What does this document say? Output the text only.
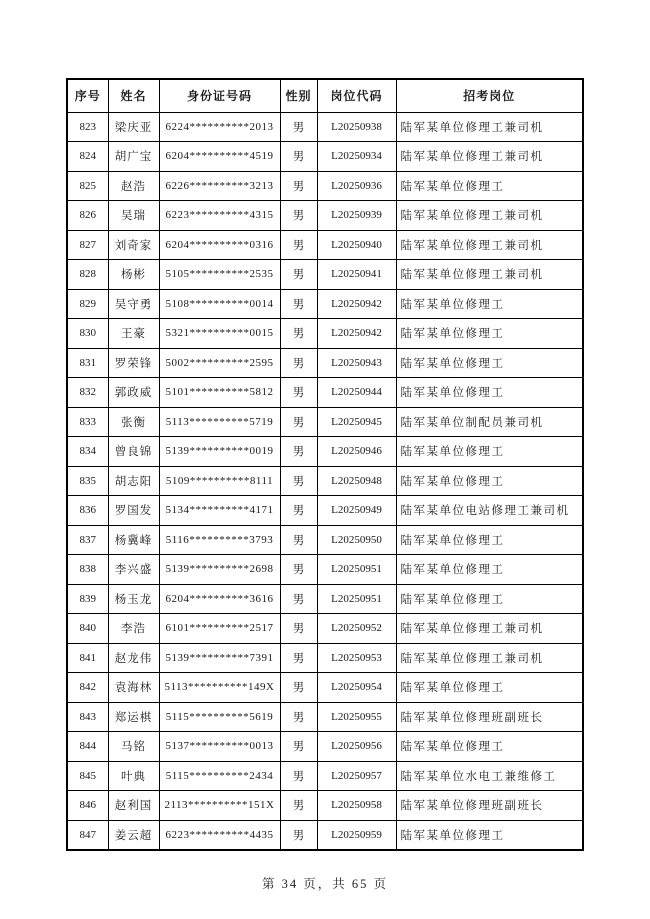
序号	姓名	身份证号码	性别	岗位代码	招考岗位
823	梁庆亚	6224**********2013	男	L20250938	陆军某单位修理工兼司机
824	胡广宝	6204**********4519	男	L20250934	陆军某单位修理工兼司机
825	赵浩	6226**********3213	男	L20250936	陆军某单位修理工
826	吴瑞	6223**********4315	男	L20250939	陆军某单位修理工兼司机
827	刘奇家	6204**********0316	男	L20250940	陆军某单位修理工兼司机
828	杨彬	5105**********2535	男	L20250941	陆军某单位修理工兼司机
829	吴守勇	5108**********0014	男	L20250942	陆军某单位修理工
830	王豪	5321**********0015	男	L20250942	陆军某单位修理工
831	罗荣锋	5002**********2595	男	L20250943	陆军某单位修理工
832	郭政威	5101**********5812	男	L20250944	陆军某单位修理工
833	张衡	5113**********5719	男	L20250945	陆军某单位制配员兼司机
834	曾良锦	5139**********0019	男	L20250946	陆军某单位修理工
835	胡志阳	5109**********8111	男	L20250948	陆军某单位修理工
836	罗国发	5134**********4171	男	L20250949	陆军某单位电站修理工兼司机
837	杨冀峰	5116**********3793	男	L20250950	陆军某单位修理工
838	李兴盛	5139**********2698	男	L20250951	陆军某单位修理工
839	杨玉龙	6204**********3616	男	L20250951	陆军某单位修理工
840	李浩	6101**********2517	男	L20250952	陆军某单位修理工兼司机
841	赵龙伟	5139**********7391	男	L20250953	陆军某单位修理工兼司机
842	袁海林	5113**********149X	男	L20250954	陆军某单位修理工
843	郑运棋	5115**********5619	男	L20250955	陆军某单位修理班副班长
844	马铭	5137**********0013	男	L20250956	陆军某单位修理工
845	叶典	5115**********2434	男	L20250957	陆军某单位水电工兼维修工
846	赵利国	2113**********151X	男	L20250958	陆军某单位修理班副班长
847	姜云超	6223**********4435	男	L20250959	陆军某单位修理工
第 34 页，共 65 页
